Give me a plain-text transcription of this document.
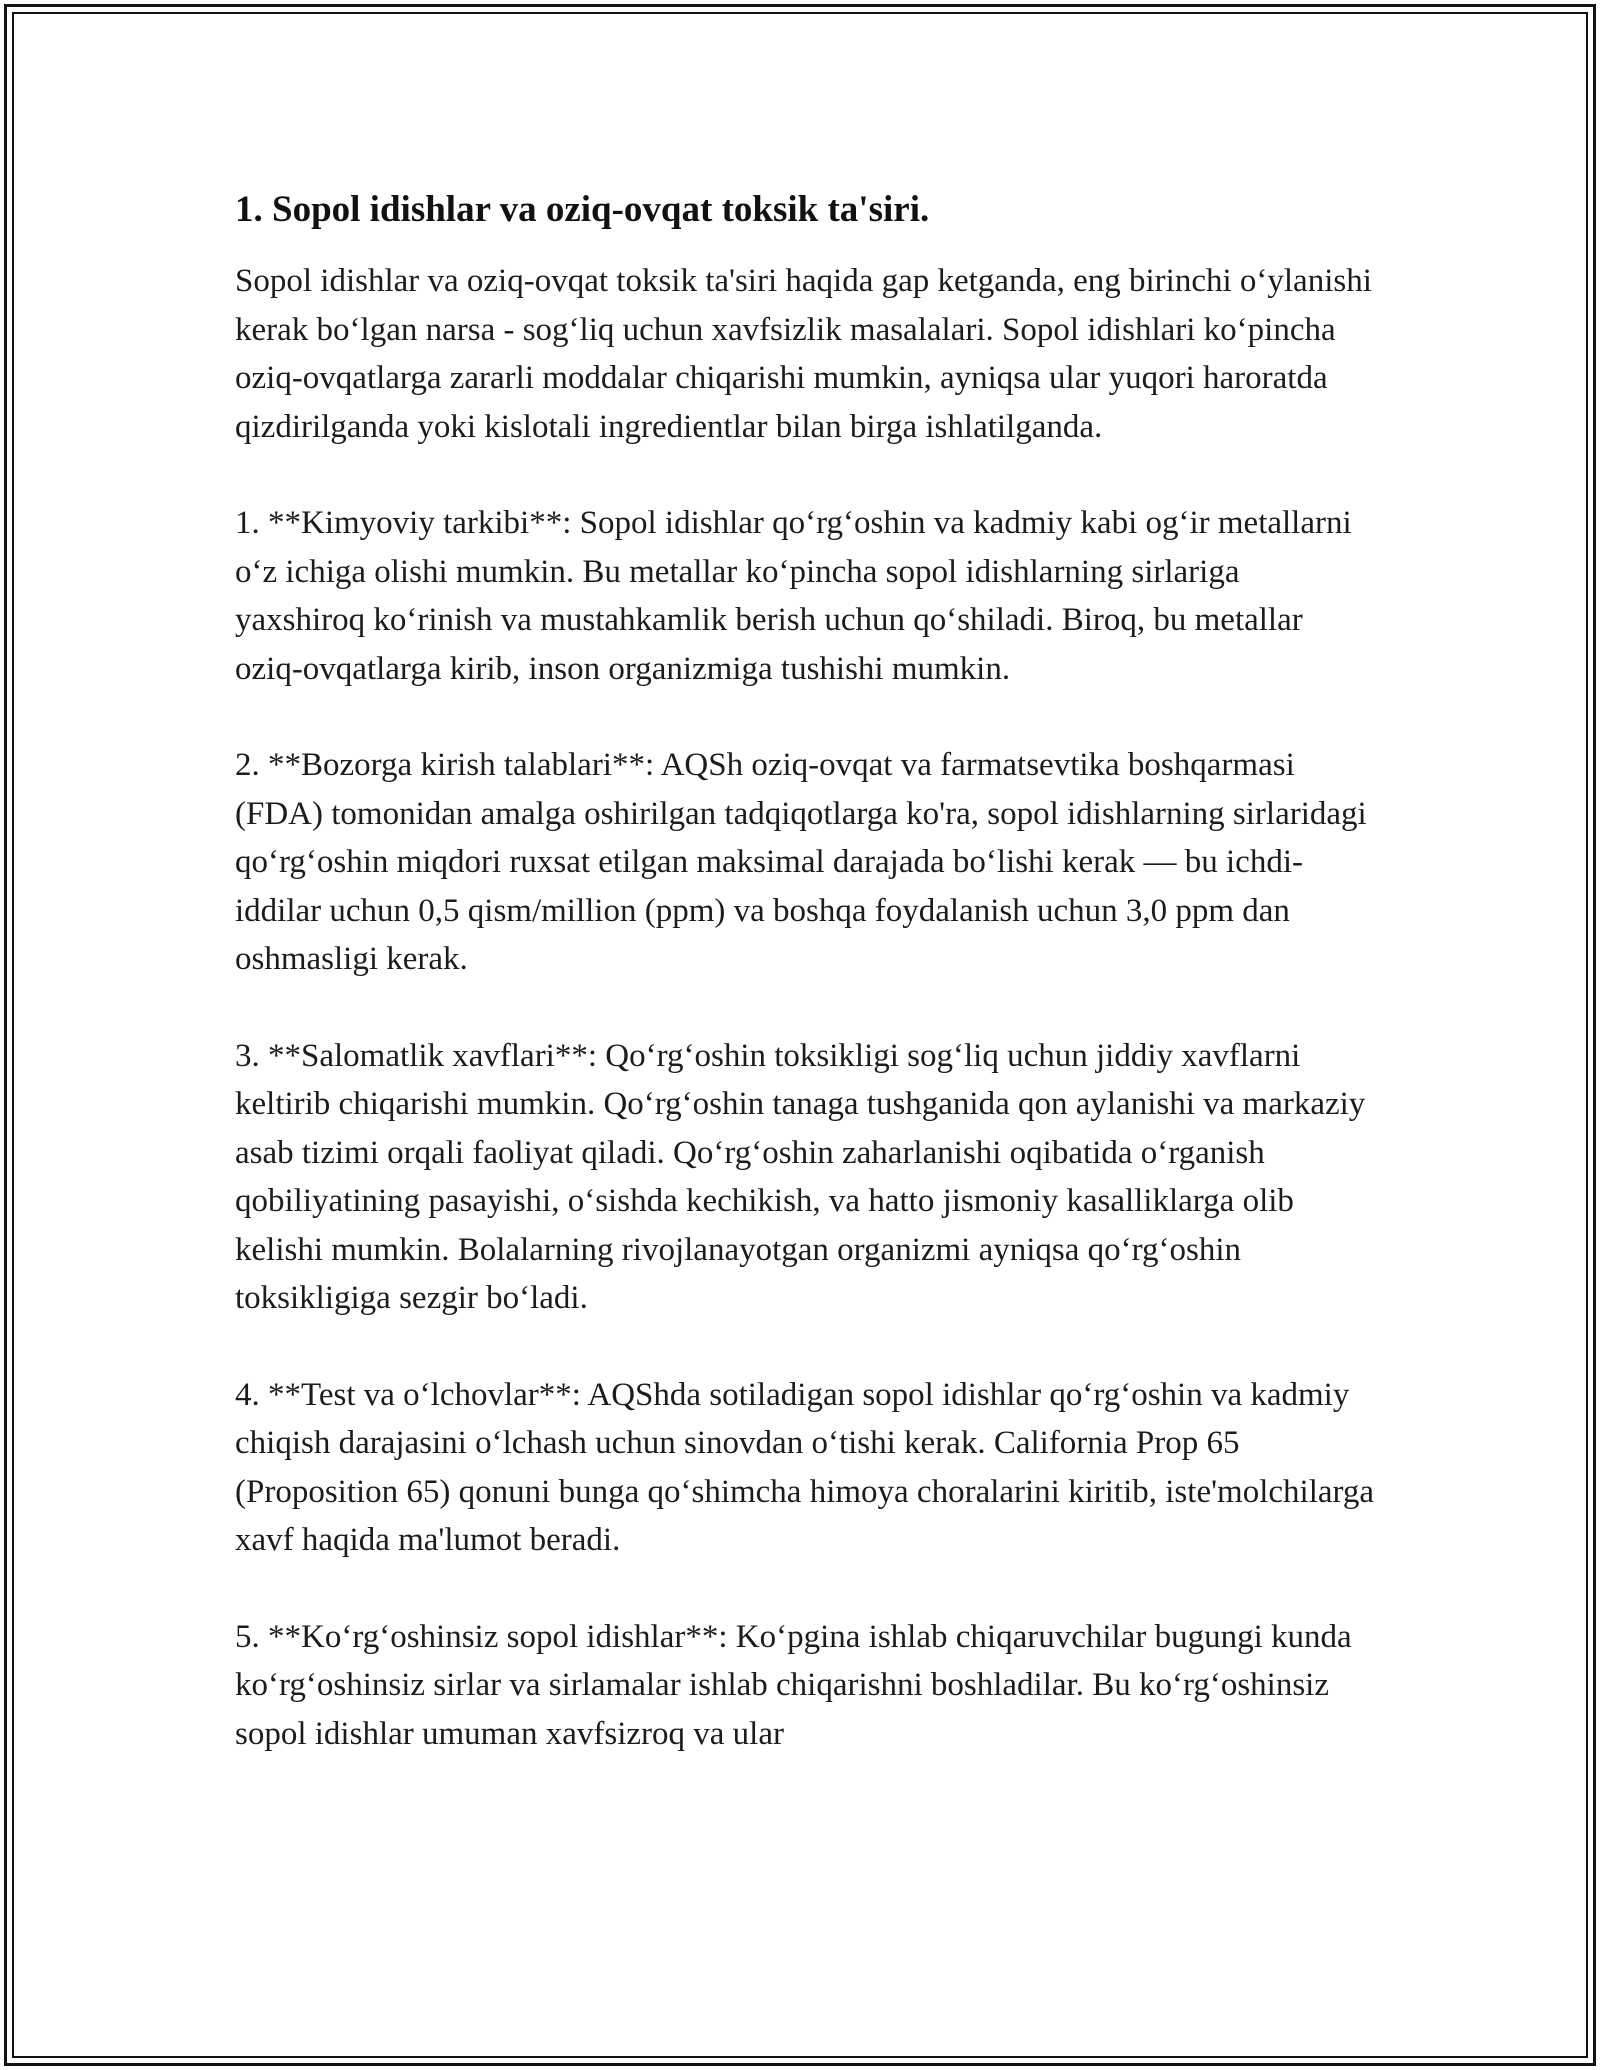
1. Sopol idishlar va oziq-ovqat toksik ta'siri.

Sopol idishlar va oziq-ovqat toksik ta'siri haqida gap ketganda, eng birinchi oʻylanishi kerak boʻlgan narsa - sogʻliq uchun xavfsizlik masalalari. Sopol idishlari koʻpincha oziq-ovqatlarga zararli moddalar chiqarishi mumkin, ayniqsa ular yuqori haroratda qizdirilganda yoki kislotali ingredientlar bilan birga ishlatilganda.

1. **Kimyoviy tarkibi**: Sopol idishlar qoʻrgʻoshin va kadmiy kabi ogʻir metallarni oʻz ichiga olishi mumkin. Bu metallar koʻpincha sopol idishlarning sirlariga yaxshiroq koʻrinish va mustahkamlik berish uchun qoʻshiladi. Biroq, bu metallar oziq-ovqatlarga kirib, inson organizmiga tushishi mumkin.

2. **Bozorga kirish talablari**: AQSh oziq-ovqat va farmatsevtika boshqarmasi (FDA) tomonidan amalga oshirilgan tadqiqotlarga ko'ra, sopol idishlarning sirlaridagi qoʻrgʻoshin miqdori ruxsat etilgan maksimal darajada boʻlishi kerak — bu ichdi-iddilar uchun 0,5 qism/million (ppm) va boshqa foydalanish uchun 3,0 ppm dan oshmasligi kerak.

3. **Salomatlik xavflari**: Qoʻrgʻoshin toksikligi sogʻliq uchun jiddiy xavflarni keltirib chiqarishi mumkin. Qoʻrgʻoshin tanaga tushganida qon aylanishi va markaziy asab tizimi orqali faoliyat qiladi. Qoʻrgʻoshin zaharlanishi oqibatida oʻrganish qobiliyatining pasayishi, oʻsishda kechikish, va hatto jismoniy kasalliklarga olib kelishi mumkin. Bolalarning rivojlanayotgan organizmi ayniqsa qoʻrgʻoshin toksikligiga sezgir boʻladi.

4. **Test va oʻlchovlar**: AQShda sotiladigan sopol idishlar qoʻrgʻoshin va kadmiy chiqish darajasini oʻlchash uchun sinovdan oʻtishi kerak. California Prop 65 (Proposition 65) qonuni bunga qoʻshimcha himoya choralarini kiritib, iste'molchilarga xavf haqida ma'lumot beradi.

5. **Koʻrgʻoshinsiz sopol idishlar**: Koʻpgina ishlab chiqaruvchilar bugungi kunda koʻrgʻoshinsiz sirlar va sirlamalar ishlab chiqarishni boshladilar. Bu koʻrgʻoshinsiz sopol idishlar umuman xavfsizroq va ular
